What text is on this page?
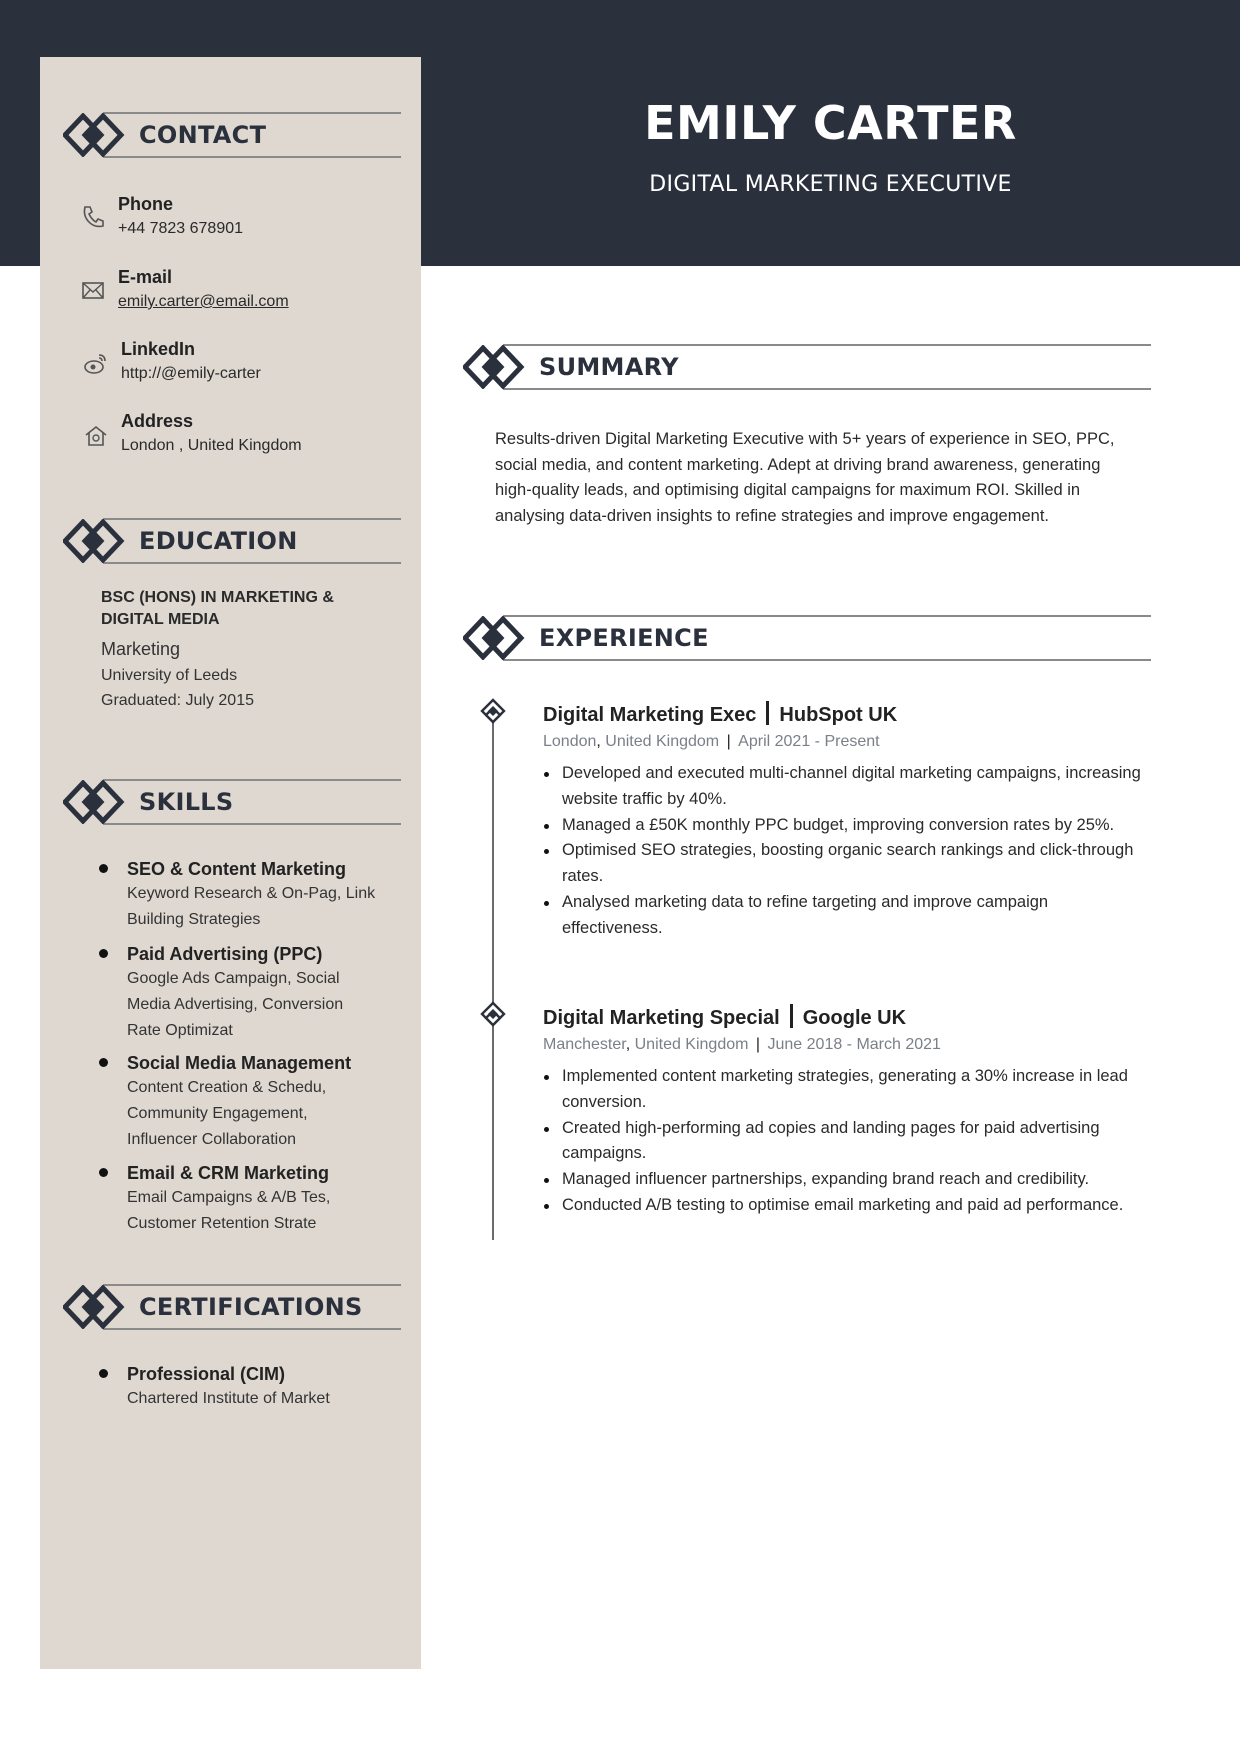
EMILY CARTER
DIGITAL MARKETING EXECUTIVE
CONTACT
Phone
+44 7823 678901
E-mail
emily.carter@email.com
LinkedIn
http://@emily-carter
Address
London , United Kingdom
EDUCATION
BSC (HONS) IN MARKETING & DIGITAL MEDIA
Marketing
University of Leeds
Graduated: July 2015
SKILLS
SEO & Content Marketing
Keyword Research & On-Pag, Link Building Strategies
Paid Advertising (PPC)
Google Ads Campaign, Social Media Advertising, Conversion Rate Optimizat
Social Media Management
Content Creation & Schedu, Community Engagement, Influencer Collaboration
Email & CRM Marketing
Email Campaigns & A/B Tes, Customer Retention Strate
CERTIFICATIONS
Professional (CIM)
Chartered Institute of Market
SUMMARY
Results-driven Digital Marketing Executive with 5+ years of experience in SEO, PPC, social media, and content marketing. Adept at driving brand awareness, generating high-quality leads, and optimising digital campaigns for maximum ROI. Skilled in analysing data-driven insights to refine strategies and improve engagement.
EXPERIENCE
Digital Marketing Exec HubSpot UK
London, United Kingdom | April 2021 - Present
Developed and executed multi-channel digital marketing campaigns, increasing website traffic by 40%.
Managed a £50K monthly PPC budget, improving conversion rates by 25%.
Optimised SEO strategies, boosting organic search rankings and click-through rates.
Analysed marketing data to refine targeting and improve campaign effectiveness.
Digital Marketing Special Google UK
Manchester, United Kingdom | June 2018 - March 2021
Implemented content marketing strategies, generating a 30% increase in lead conversion.
Created high-performing ad copies and landing pages for paid advertising campaigns.
Managed influencer partnerships, expanding brand reach and credibility.
Conducted A/B testing to optimise email marketing and paid ad performance.
